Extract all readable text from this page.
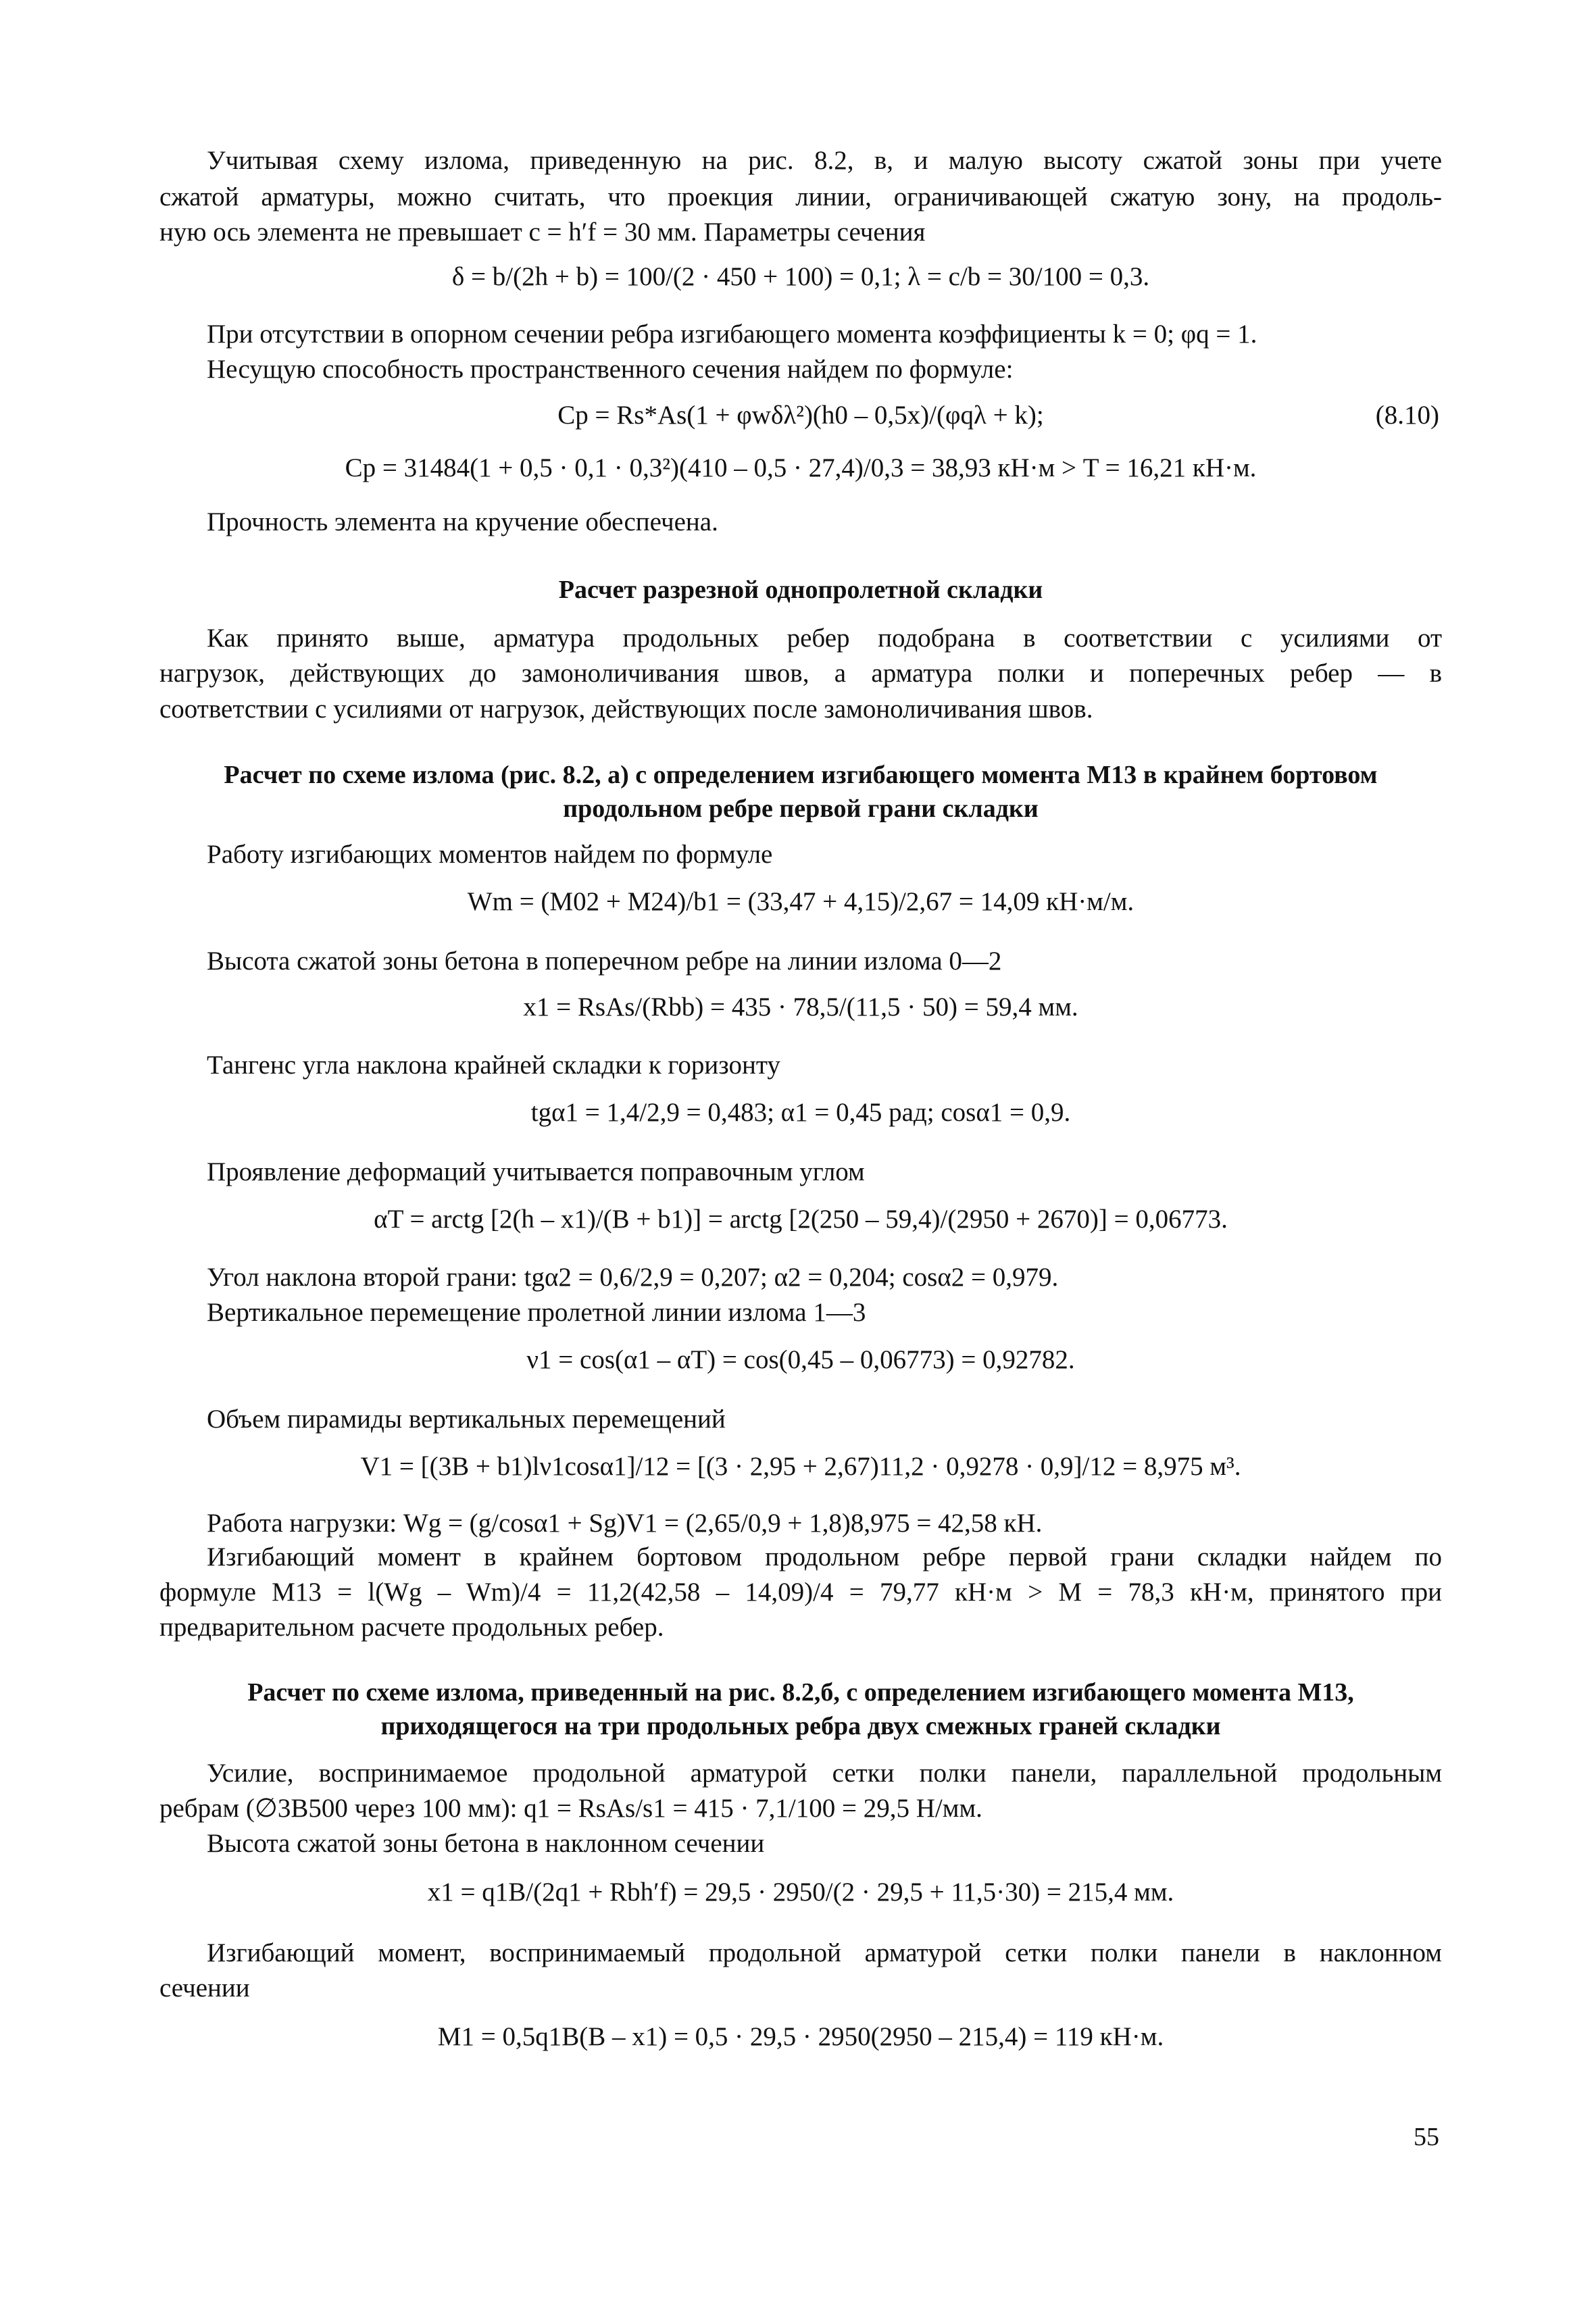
Учитывая схему излома, приведенную на рис. 8.2, в, и малую высоту сжатой зоны при учете
сжатой арматуры, можно считать, что проекция линии, ограничивающей сжатую зону, на продоль-
ную ось элемента не превышает c = h′f = 30 мм. Параметры сечения
δ = b/(2h + b) = 100/(2 · 450 + 100) = 0,1; λ = c/b = 30/100 = 0,3.
При отсутствии в опорном сечении ребра изгибающего момента коэффициенты k = 0; φq = 1.
Несущую способность пространственного сечения найдем по формуле:
Cp = Rs*As(1 + φwδλ²)(h0 – 0,5x)/(φqλ + k);	(8.10)
Cp = 31484(1 + 0,5 · 0,1 · 0,3²)(410 – 0,5 · 27,4)/0,3 = 38,93 кН·м > T = 16,21 кН·м.
Прочность элемента на кручение обеспечена.
Расчет разрезной однопролетной складки
Как принято выше, арматура продольных ребер подобрана в соответствии с усилиями от
нагрузок, действующих до замоноличивания швов, а арматура полки и поперечных ребер — в
соответствии с усилиями от нагрузок, действующих после замоноличивания швов.
Расчет по схеме излома (рис. 8.2, а) с определением изгибающего момента M13 в крайнем бортовом
продольном ребре первой грани складки
Работу изгибающих моментов найдем по формуле
Wm = (M02 + M24)/b1 = (33,47 + 4,15)/2,67 = 14,09 кН·м/м.
Высота сжатой зоны бетона в поперечном ребре на линии излома 0—2
x1 = RsAs/(Rbb) = 435 · 78,5/(11,5 · 50) = 59,4 мм.
Тангенс угла наклона крайней складки к горизонту
tgα1 = 1,4/2,9 = 0,483; α1 = 0,45 рад; cosα1 = 0,9.
Проявление деформаций учитывается поправочным углом
αT = arctg [2(h – x1)/(B + b1)] = arctg [2(250 – 59,4)/(2950 + 2670)] = 0,06773.
Угол наклона второй грани: tgα2 = 0,6/2,9 = 0,207; α2 = 0,204; cosα2 = 0,979.
Вертикальное перемещение пролетной линии излома 1—3
ν1 = cos(α1 – αT) = cos(0,45 – 0,06773) = 0,92782.
Объем пирамиды вертикальных перемещений
V1 = [(3B + b1)lν1cosα1]/12 = [(3 · 2,95 + 2,67)11,2 · 0,9278 · 0,9]/12 = 8,975 м³.
Работа нагрузки: Wg = (g/cosα1 + Sg)V1 = (2,65/0,9 + 1,8)8,975 = 42,58 кН.
Изгибающий момент в крайнем бортовом продольном ребре первой грани складки найдем по
формуле M13 = l(Wg – Wm)/4 = 11,2(42,58 – 14,09)/4 = 79,77 кН·м > M = 78,3 кН·м, принятого при
предварительном расчете продольных ребер.
Расчет по схеме излома, приведенный на рис. 8.2,б, с определением изгибающего момента M13,
приходящегося на три продольных ребра двух смежных граней складки
Усилие, воспринимаемое продольной арматурой сетки полки панели, параллельной продольным
ребрам (∅3В500 через 100 мм): q1 = RsAs/s1 = 415 · 7,1/100 = 29,5 Н/мм.
Высота сжатой зоны бетона в наклонном сечении
x1 = q1B/(2q1 + Rbh′f) = 29,5 · 2950/(2 · 29,5 + 11,5·30) = 215,4 мм.
Изгибающий момент, воспринимаемый продольной арматурой сетки полки панели в наклонном
сечении
M1 = 0,5q1B(B – x1) = 0,5 · 29,5 · 2950(2950 – 215,4) = 119 кН·м.
55
